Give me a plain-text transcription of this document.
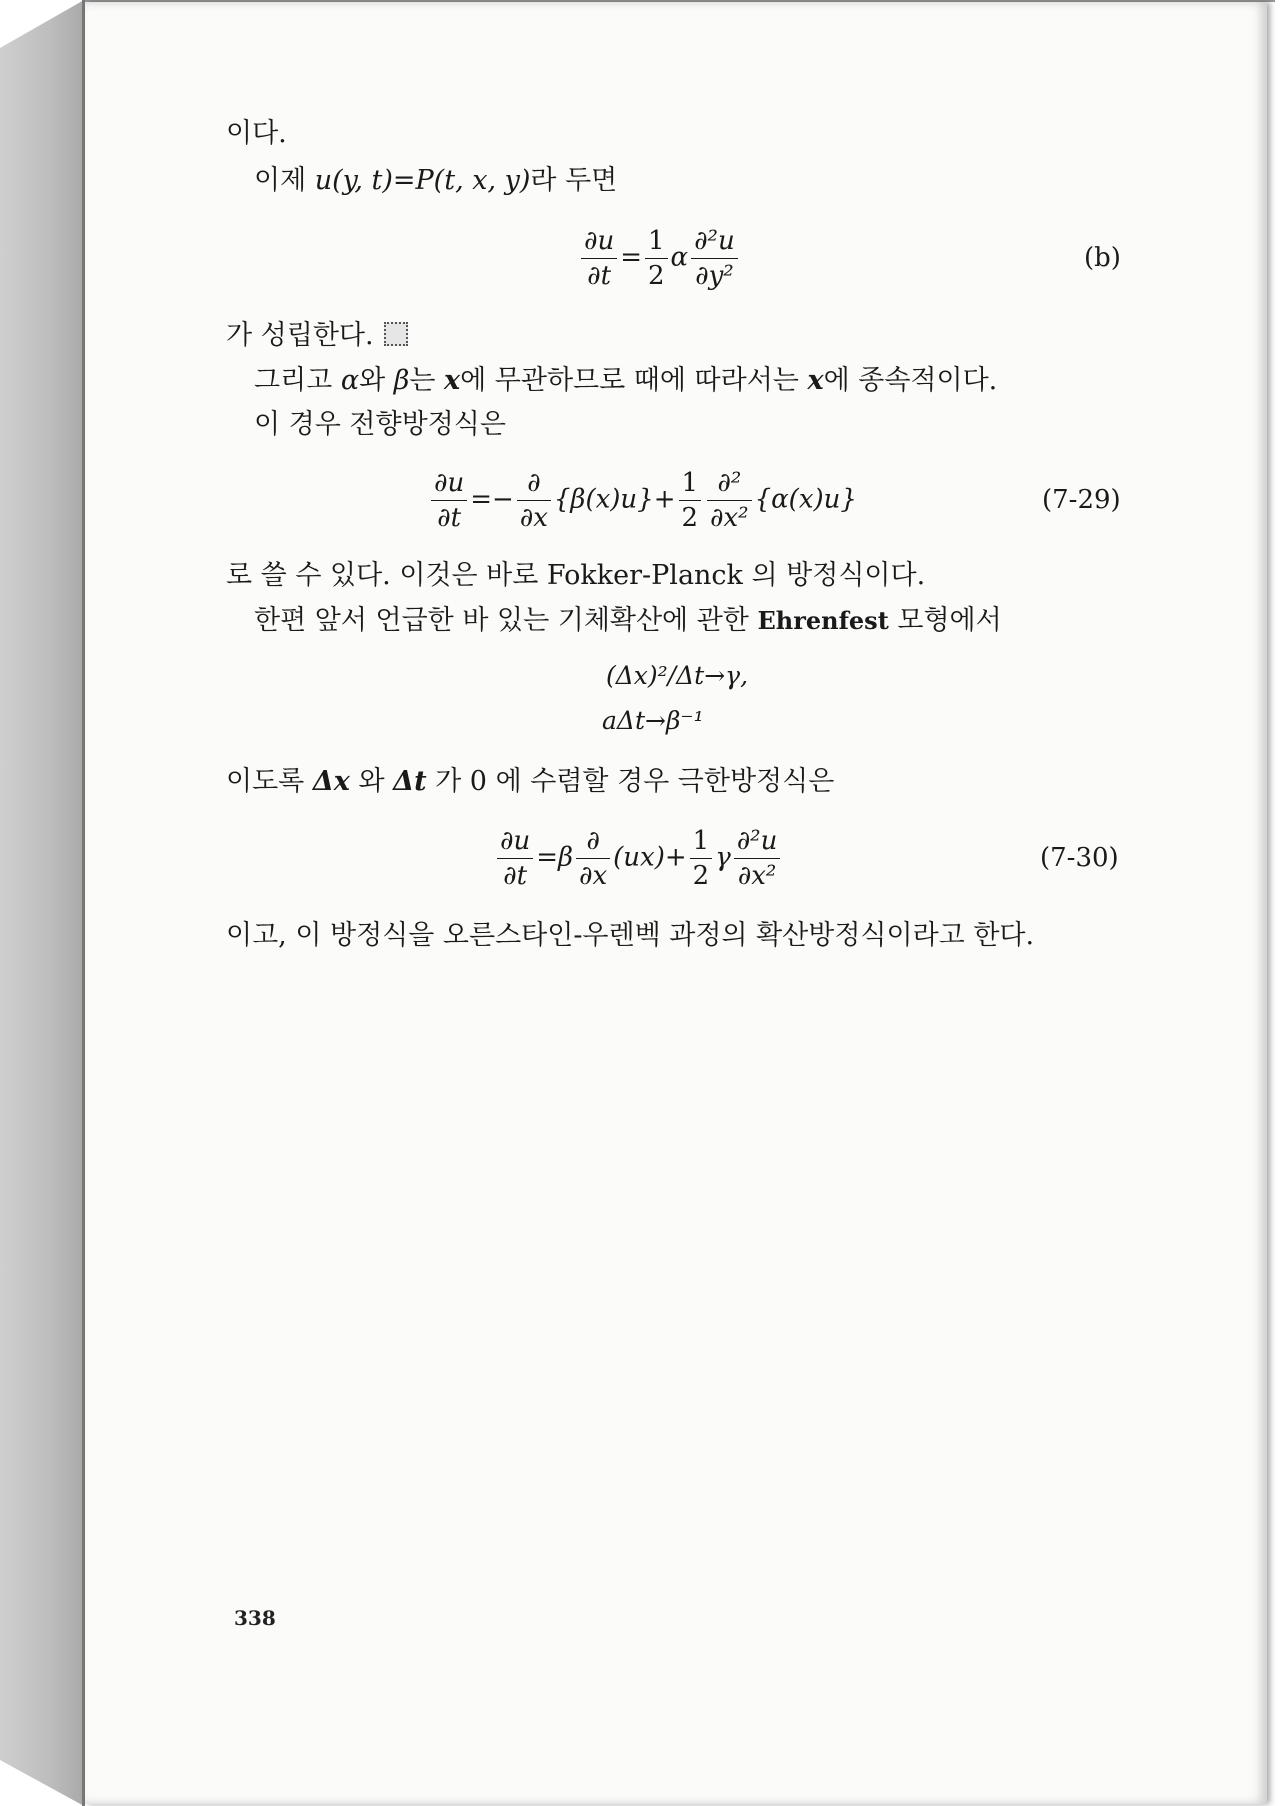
이다.
이제 u(y, t)=P(t, x, y)라 두면
$\frac{\partial u}{\partial t} = \frac{1}{2}$ α $\frac{\text{∂²u}}{\text{∂y²}}$	(b)
가 성립한다.
그리고 α와 β는 x에 무관하므로 때에 따라서는 x에 종속적이다.
이 경우 전향방정식은
$\frac{\partial u}{\partial t} =- \frac{\partial}{\partial x} \{\beta(x)u\}+ \frac{1}{2} \frac{\text{∂²}}{\text{∂x²}} \{\alpha(x)u\}$	(7-29)
로 쓸 수 있다. 이것은 바로 Fokker-Planck 의 방정식이다.
한편 앞서 언급한 바 있는 기체확산에 관한 Ehrenfest 모형에서
(Δx)²/Δt→γ,
aΔt→β⁻¹
이도록 Δx 와 Δt 가 0 에 수렴할 경우 극한방정식은
$\frac{\partial u}{\partial t} =\beta \frac{\partial}{\partial x} (ux)+ \frac{1}{2}$ γ $\frac{\text{∂²u}}{\text{∂x²}}$	(7-30)
이고, 이 방정식을 오른스타인-우렌벡 과정의 확산방정식이라고 한다.
338
